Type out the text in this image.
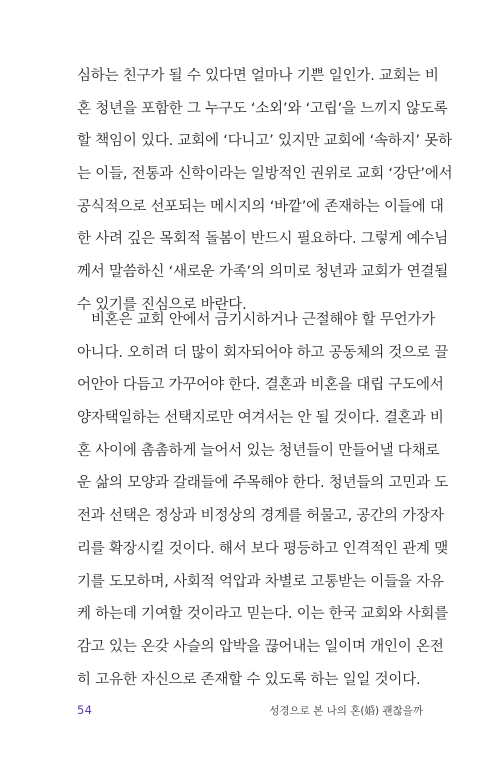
심하는 친구가 될 수 있다면 얼마나 기쁜 일인가. 교회는 비
혼 청년을 포함한 그 누구도 ‘소외’와 ‘고립’을 느끼지 않도록
할 책임이 있다. 교회에 ‘다니고’ 있지만 교회에 ‘속하지’ 못하
는 이들, 전통과 신학이라는 일방적인 권위로 교회 ‘강단’에서
공식적으로 선포되는 메시지의 ‘바깥’에 존재하는 이들에 대
한 사려 깊은 목회적 돌봄이 반드시 필요하다. 그렇게 예수님
께서 말씀하신 ‘새로운 가족’의 의미로 청년과 교회가 연결될
수 있기를 진심으로 바란다.
비혼은 교회 안에서 금기시하거나 근절해야 할 무언가가
아니다. 오히려 더 많이 회자되어야 하고 공동체의 것으로 끌
어안아 다듬고 가꾸어야 한다. 결혼과 비혼을 대립 구도에서
양자택일하는 선택지로만 여겨서는 안 될 것이다. 결혼과 비
혼 사이에 촘촘하게 늘어서 있는 청년들이 만들어낼 다채로
운 삶의 모양과 갈래들에 주목해야 한다. 청년들의 고민과 도
전과 선택은 정상과 비정상의 경계를 허물고, 공간의 가장자
리를 확장시킬 것이다. 해서 보다 평등하고 인격적인 관계 맺
기를 도모하며, 사회적 억압과 차별로 고통받는 이들을 자유
케 하는데 기여할 것이라고 믿는다. 이는 한국 교회와 사회를
감고 있는 온갖 사슬의 압박을 끊어내는 일이며 개인이 온전
히 고유한 자신으로 존재할 수 있도록 하는 일일 것이다.
54	성경으로 본 나의 혼(婚) 괜찮을까
